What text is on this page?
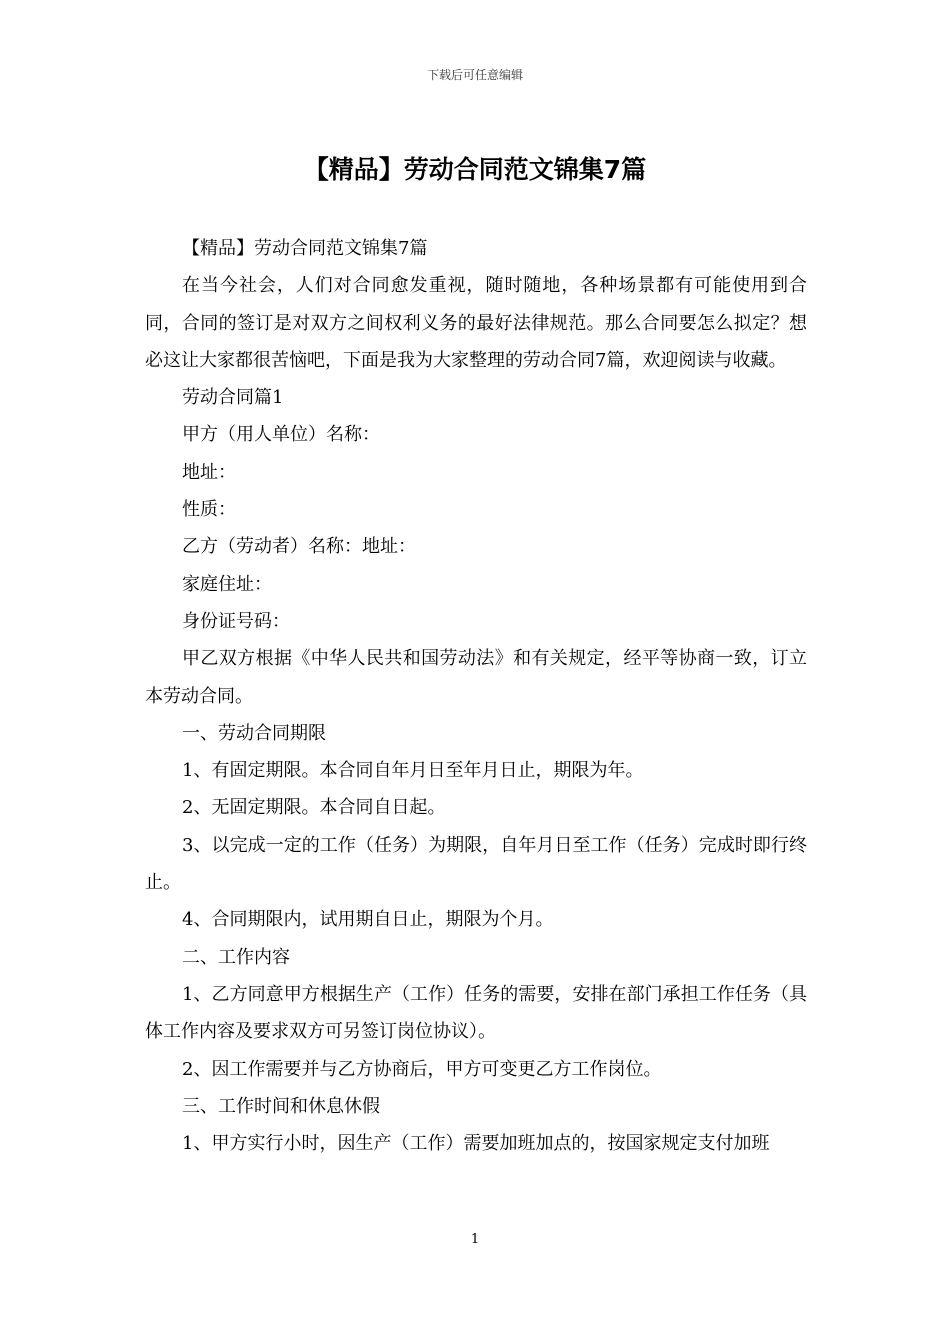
下载后可任意编辑
【精品】劳动合同范文锦集7篇

【精品】劳动合同范文锦集7篇

在当今社会，人们对合同愈发重视，随时随地，各种场景都有可能使用到合同，合同的签订是对双方之间权利义务的最好法律规范。那么合同要怎么拟定？想必这让大家都很苦恼吧，下面是我为大家整理的劳动合同7篇，欢迎阅读与收藏。

劳动合同篇1

甲方（用人单位）名称：

地址：

性质：

乙方（劳动者）名称：地址：

家庭住址：

身份证号码：

甲乙双方根据《中华人民共和国劳动法》和有关规定，经平等协商一致，订立本劳动合同。

一、劳动合同期限

1、有固定期限。本合同自年月日至年月日止，期限为年。

2、无固定期限。本合同自日起。

3、以完成一定的工作（任务）为期限，自年月日至工作（任务）完成时即行终止。

4、合同期限内，试用期自日止，期限为个月。

二、工作内容

1、乙方同意甲方根据生产（工作）任务的需要，安排在部门承担工作任务（具体工作内容及要求双方可另签订岗位协议）。

2、因工作需要并与乙方协商后，甲方可变更乙方工作岗位。

三、工作时间和休息休假

1、甲方实行小时，因生产（工作）需要加班加点的，按国家规定支付加班

1
